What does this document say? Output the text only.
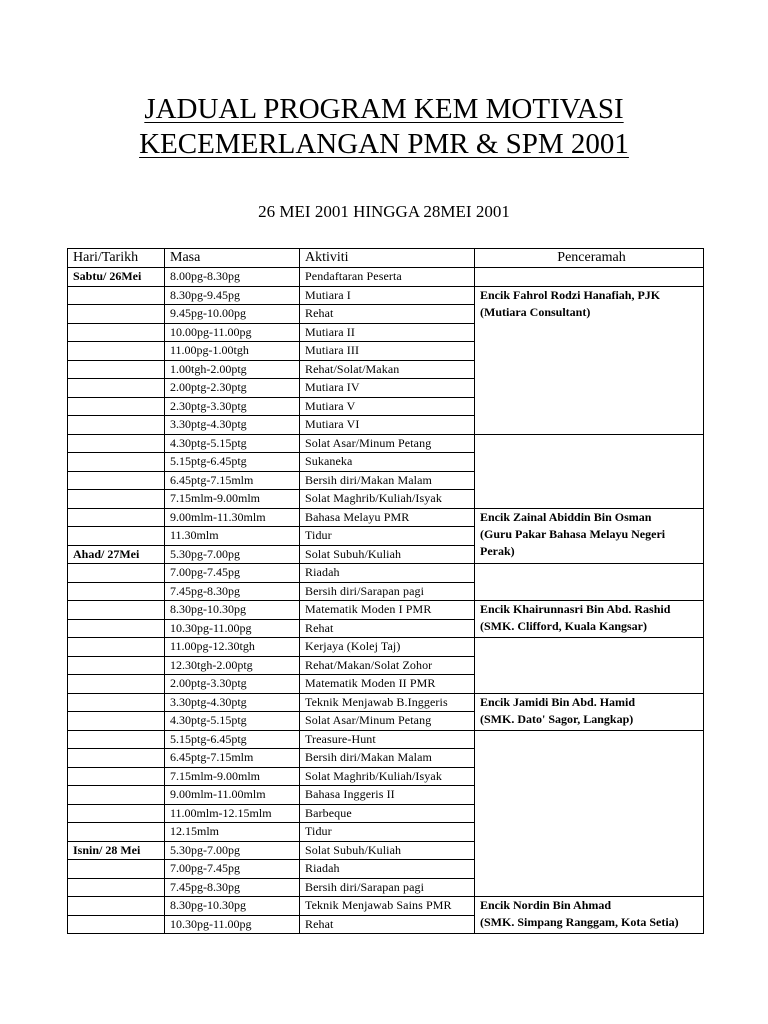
JADUAL PROGRAM KEM MOTIVASI
KECEMERLANGAN PMR & SPM 2001
26 MEI 2001 HINGGA 28MEI 2001
Hari/Tarikh	Masa	Aktiviti	Penceramah
Sabtu/ 26Mei	8.00pg-8.30pg	Pendaftaran Peserta	
	8.30pg-9.45pg	Mutiara I	Encik Fahrol Rodzi Hanafiah, PJK
(Mutiara Consultant)

	9.45pg-10.00pg	Rehat	
	10.00pg-11.00pg	Mutiara II	
	11.00pg-1.00tgh	Mutiara III	
	1.00tgh-2.00ptg	Rehat/Solat/Makan	
	2.00ptg-2.30ptg	Mutiara IV	
	2.30ptg-3.30ptg	Mutiara V	
	3.30ptg-4.30ptg	Mutiara VI	
	4.30ptg-5.15ptg	Solat Asar/Minum Petang	
	5.15ptg-6.45ptg	Sukaneka	
	6.45ptg-7.15mlm	Bersih diri/Makan Malam	
	7.15mlm-9.00mlm	Solat Maghrib/Kuliah/Isyak	
	9.00mlm-11.30mlm	Bahasa Melayu PMR	Encik Zainal Abiddin Bin Osman
(Guru Pakar Bahasa Melayu Negeri
Perak)

	11.30mlm	Tidur	
Ahad/ 27Mei	5.30pg-7.00pg	Solat Subuh/Kuliah	
	7.00pg-7.45pg	Riadah	
	7.45pg-8.30pg	Bersih diri/Sarapan pagi	
	8.30pg-10.30pg	Matematik Moden I PMR	Encik Khairunnasri Bin Abd. Rashid
(SMK. Clifford, Kuala Kangsar)

	10.30pg-11.00pg	Rehat	
	11.00pg-12.30tgh	Kerjaya (Kolej Taj)	
	12.30tgh-2.00ptg	Rehat/Makan/Solat Zohor	
	2.00ptg-3.30ptg	Matematik Moden II PMR	
	3.30ptg-4.30ptg	Teknik Menjawab B.Inggeris	Encik Jamidi Bin Abd. Hamid
(SMK. Dato' Sagor, Langkap)

	4.30ptg-5.15ptg	Solat Asar/Minum Petang	
	5.15ptg-6.45ptg	Treasure-Hunt	
	6.45ptg-7.15mlm	Bersih diri/Makan Malam	
	7.15mlm-9.00mlm	Solat Maghrib/Kuliah/Isyak	
	9.00mlm-11.00mlm	Bahasa Inggeris II	
	11.00mlm-12.15mlm	Barbeque	
	12.15mlm	Tidur	
Isnin/ 28 Mei	5.30pg-7.00pg	Solat Subuh/Kuliah	
	7.00pg-7.45pg	Riadah	
	7.45pg-8.30pg	Bersih diri/Sarapan pagi	
	8.30pg-10.30pg	Teknik Menjawab Sains PMR	Encik Nordin Bin Ahmad
(SMK. Simpang Ranggam, Kota Setia)

	10.30pg-11.00pg	Rehat	
